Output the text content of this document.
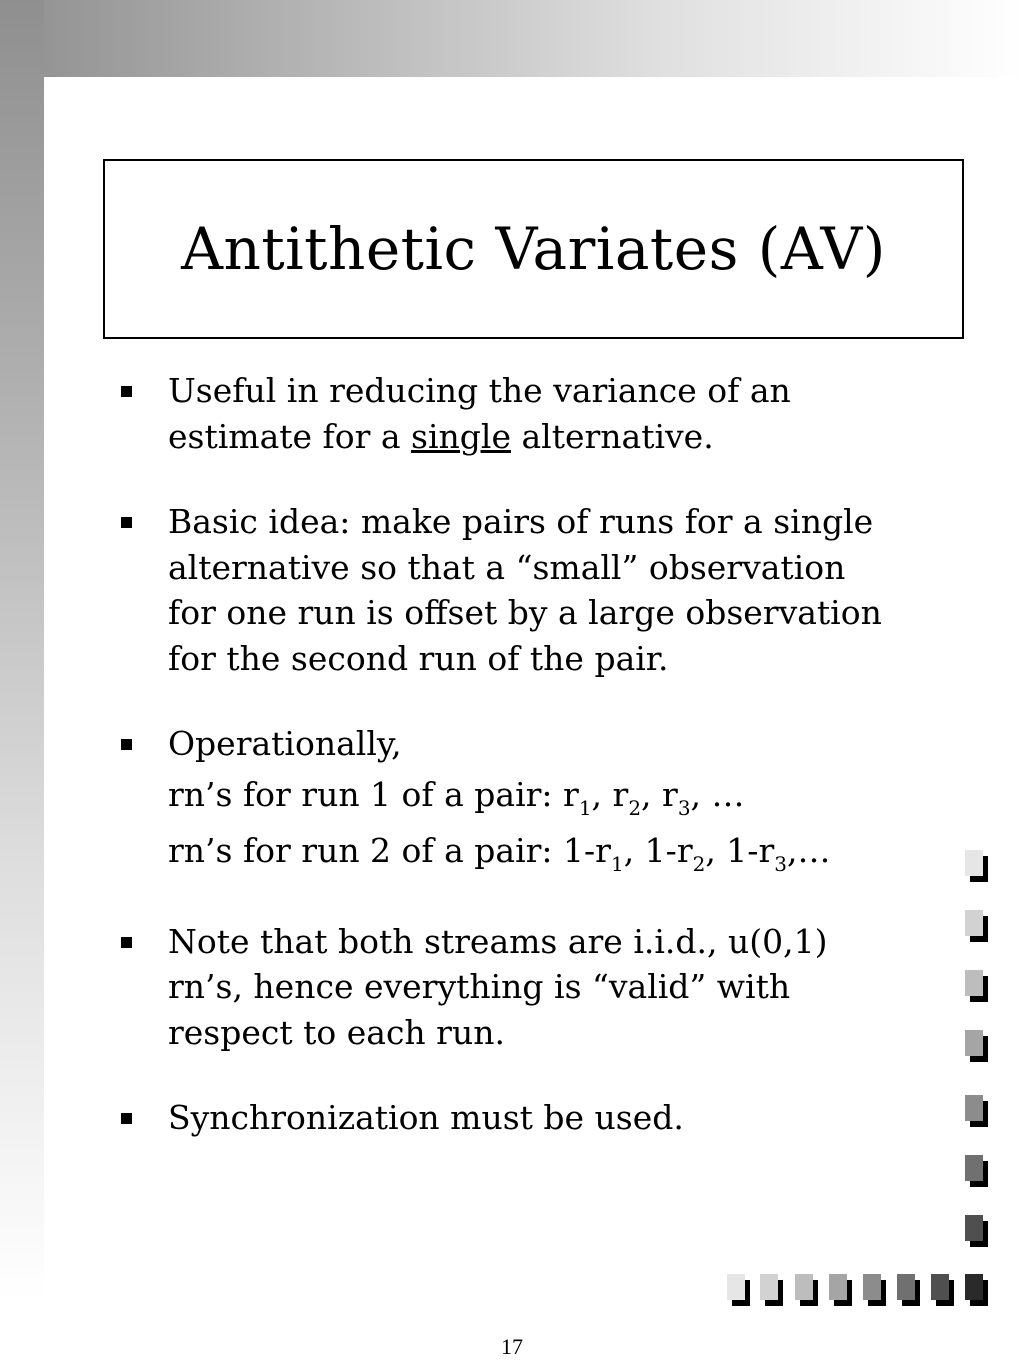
Antithetic Variates (AV)
Useful in reducing the variance of an
estimate for a single alternative.
Basic idea: make pairs of runs for a single
alternative so that a “small” observation
for one run is offset by a large observation
for the second run of the pair.
Operationally,
rn’s for run 1 of a pair: $r_1$, $r_2$, $r_3$, …
rn’s for run 2 of a pair: $1-r_1$, $1-r_2$, $1-r_3,\dots$
Note that both streams are i.i.d., u(0,1)
rn’s, hence everything is “valid” with
respect to each run.
Synchronization must be used.
17
